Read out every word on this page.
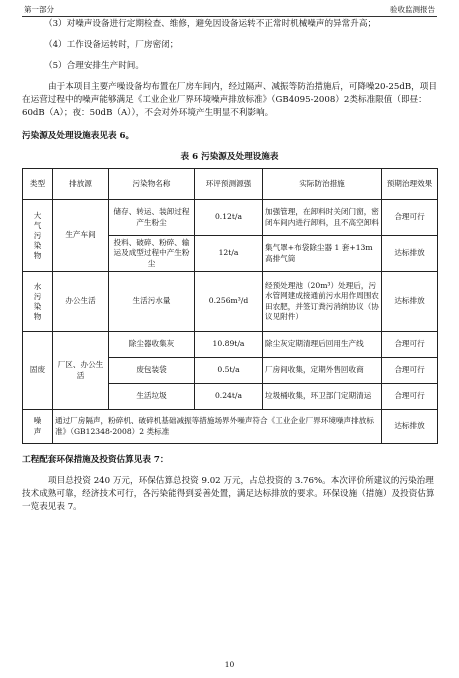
第一部分	验收监测报告

（3）对噪声设备进行定期检查、维修，避免因设备运转不正常时机械噪声的异常升高；

（4）工作设备运转时，厂房密闭；

（5）合理安排生产时间。

由于本项目主要产噪设备均布置在厂房车间内，经过隔声、减振等防治措施后，可降噪20-25dB，项目在运营过程中的噪声能够满足《工业企业厂界环境噪声排放标准》（GB4095-2008）2类标准限值（即昼：60dB（A）；夜：50dB（A）），不会对外环境产生明显不利影响。

污染源及处理设施表见表 6。

表 6 污染源及处理设施表
类型	排放源	污染物名称	环评预测源强	实际防治措施	预期治理效果
大气污染物	生产车间	储存、转运、装卸过程产生粉尘	0.12t/a	加强管理，在卸料时关闭门窗，密闭车间内进行卸料，且不高空卸料	合理可行
		投料、破碎、粉碎、输运及成型过程中产生粉尘	12t/a	集气罩+布袋除尘器 1 套+13m 高排气筒	达标排放
水污染物	办公生活	生活污水量	0.256m³/d	经预处理池（20m³）处理后，污水管网建成接通前污水用作周围农田农肥，并签订粪污消纳协议（协议见附件）	达标排放
固废	厂区、办公生活	除尘器收集灰	10.89t/a	除尘灰定期清理后回用生产线	合理可行
		废包装袋	0.5t/a	厂房间收集，定期外售回收商	合理可行
		生活垃圾	0.24t/a	垃圾桶收集，环卫部门定期清运	合理可行
噪声	通过厂房隔声，粉碎机、破碎机基础减振等措施场界外噪声符合《工业企业厂界环境噪声排放标准》（GB12348-2008）2 类标准				达标排放

工程配套环保措施及投资估算见表 7：

项目总投资 240 万元，环保估算总投资 9.02 万元，占总投资的 3.76%。本次评价所建议的污染治理技术成熟可靠，经济技术可行，各污染能得到妥善处置，满足达标排放的要求。环保设施（措施）及投资估算一览表见表 7。

10
